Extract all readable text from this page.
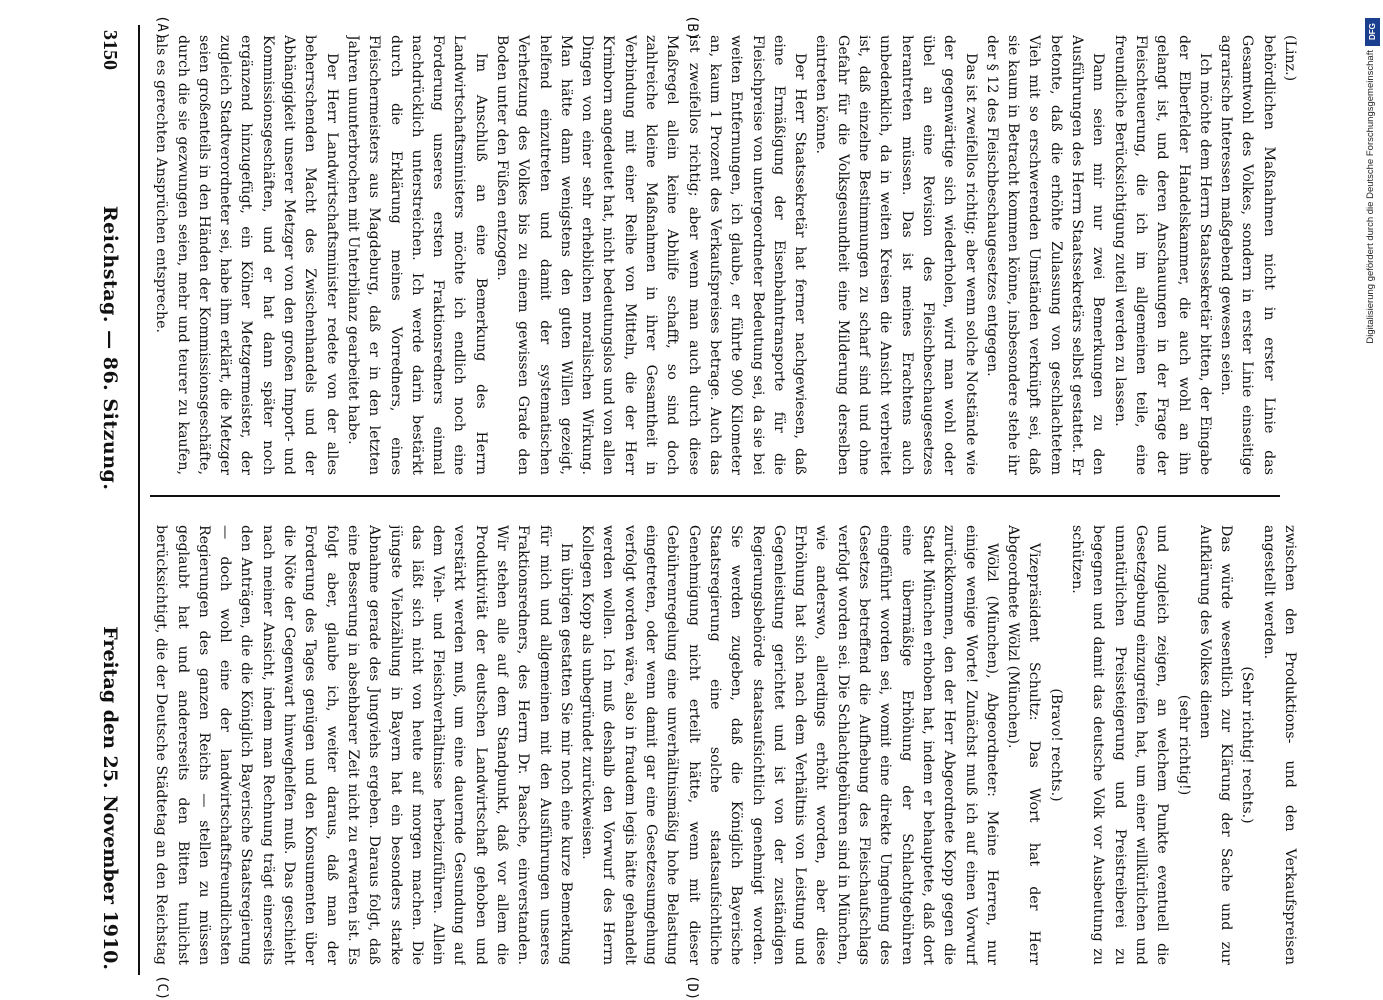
3150
Reichstag. — 86. Sitzung.
Freitag den 25. November 1910.

(Linz.)

behördlichen Maßnahmen nicht in erster Linie das Gesamtwohl des Volkes, sondern in erster Linie einseitige agrarische Interessen maßgebend gewesen seien.

Ich möchte dem Herrn Staatssekretär bitten, der Eingabe der Elberfelder Handelskammer, die auch wohl an ihn gelangt ist, und deren Anschauungen in der Frage der Fleischteuerung, die ich im allgemeinen teile, eine freundliche Berücksichtigung zuteil werden zu lassen.

Dann seien mir nur zwei Bemerkungen zu den Ausführungen des Herrn Staatssekretärs selbst gestattet. Er betonte, daß die erhöhte Zulassung von geschlachtetem Vieh mit so erschwerenden Umständen verknüpft sei, daß sie kaum in Betracht kommen könne, insbesondere stehe ihr der § 12 des Fleischbeschaugesetzes entgegen.

Das ist zweifellos richtig; aber wenn solche Notstände wie der gegenwärtige sich wiederholen, wird man wohl oder übel an eine Revision des Fleischbeschaugesetzes herantreten müssen. Das ist meines Erachtens auch unbedenklich, da in weiten Kreisen die Ansicht verbreitet ist, daß einzelne Bestimmungen zu scharf sind und ohne Gefahr für die Volksgesundheit eine Milderung derselben eintreten könne.

Der Herr Staatssekretär hat ferner nachgewiesen, daß eine Ermäßigung der Eisenbahntransporte für die Fleischpreise von untergeordneter Bedeutung sei, da sie bei weiten Entfernungen, ich glaube, er führte 900 Kilometer an, kaum 1 Prozent des Verkaufspreises betrage. Auch das ist zweifellos richtig; aber wenn man auch durch diese Maßregel allein keine Abhilfe schafft, so sind doch zahlreiche kleine Maßnahmen in ihrer Gesamtheit in Verbindung mit einer Reihe von Mitteln, die der Herr Krimborn angedeutet hat, nicht bedeutungslos und von allen Dingen von einer sehr erheblichen moralischen Wirkung. Man hätte dann wenigstens den guten Willen gezeigt, helfend einzutreten und damit der systematischen Verhetzung des Volkes bis zu einem gewissen Grade den Boden unter den Füßen entzogen.

Im Anschluß an eine Bemerkung des Herrn Landwirtschaftsministers möchte ich endlich noch eine Forderung unseres ersten Fraktionsredners einmal nachdrücklich unterstreichen. Ich werde darin bestärkt durch die Erklärung meines Vorredners, eines Fleischermeisters aus Magdeburg, daß er in den letzten Jahren ununterbrochen mit Unterbilanz gearbeitet habe.

Der Herr Landwirtschaftsminister redete von der alles beherrschenden Macht des Zwischenhandels und der Abhängigkeit unserer Metzger von den großen Import- und Kommissionsgeschäften, und er hat dann später noch ergänzend hinzugefügt, ein Kölner Metzgermeister, der zugleich Stadtverordneter sei, habe ihm erklärt, die Metzger seien großenteils in den Händen der Kommissionsgeschäfte, durch die sie gezwungen seien, mehr und teurer zu kaufen, als es gerechten Ansprüchen entspreche.

zwischen den Produktions- und den Verkaufspreisen angestellt werden.

(Sehr richtig! rechts.)

Das würde wesentlich zur Klärung der Sache und zur Aufklärung des Volkes dienen

(sehr richtig!)

und zugleich zeigen, an welchem Punkte eventuell die Gesetzgebung einzugreifen hat, um einer willkürlichen und unnatürlichen Preissteigerung und Preistreiberei zu begegnen und damit das deutsche Volk vor Ausbeutung zu schützen.

(Bravo! rechts.)

Vizepräsident Schultz: Das Wort hat der Herr Abgeordnete Wölzl (München).

Wölzl (München), Abgeordneter: Meine Herren, nur einige wenige Worte! Zunächst muß ich auf einen Vorwurf zurückkommen, den der Herr Abgeordnete Kopp gegen die Stadt München erhoben hat, indem er behauptete, daß dort eine übermäßige Erhöhung der Schlachtgebühren eingeführt worden sei, womit eine direkte Umgehung des Gesetzes betreffend die Aufhebung des Fleischaufschlags verfolgt worden sei. Die Schlachtgebühren sind in München, wie anderswo, allerdings erhöht worden, aber diese Erhöhung hat sich nach dem Verhältnis von Leistung und Gegenleistung gerichtet und ist von der zuständigen Regierungsbehörde staatsaufsichtlich genehmigt worden. Sie werden zugeben, daß die Königlich Bayerische Staatsregierung eine solche staatsaufsichtliche Genehmigung nicht erteilt hätte, wenn mit dieser Gebührenregelung eine unverhältnismäßig hohe Belastung eingetreten, oder wenn damit gar eine Gesetzesumgehung verfolgt worden wäre, also in fraudem legis hätte gehandelt werden wollen. Ich muß deshalb den Vorwurf des Herrn Kollegen Kopp als unbegründet zurückweisen.

Im übrigen gestatten Sie mir noch eine kurze Bemerkung für mich und allgemeinen mit den Ausführungen unseres Fraktionsredners, des Herrn Dr. Paasche, einverstanden. Wir stehen alle auf dem Standpunkt, daß vor allem die Produktivität der deutschen Landwirtschaft gehoben und verstärkt werden muß, um eine dauernde Gesundung auf dem Vieh- und Fleischverhältnisse herbeizuführen. Allein das läßt sich nicht von heute auf morgen machen. Die jüngste Viehzählung in Bayern hat ein besonders starke Abnahme gerade des Jungviehs ergeben. Daraus folgt, daß eine Besserung in absehbarer Zeit nicht zu erwarten ist. Es folgt aber, glaube ich, weiter daraus, daß man der Forderung des Tages genügen und den Konsumenten über die Nöte der Gegenwart hinweghelfen muß. Das geschieht nach meiner Ansicht, indem man Rechnung trägt einerseits den Anträgen, die die Königlich Bayerische Staatsregierung — doch wohl eine der landwirtschaftsfreundlichsten Regierungen des ganzen Reichs — stellen zu müssen geglaubt hat und andererseits den Bitten tunlichst berücksichtigt, die der Deutsche Städtetag an den Reichstag

(A)	(B)
(C)	(D)
DFG
Digitalisierung gefördert durch die Deutsche Forschungsgemeinschaft
